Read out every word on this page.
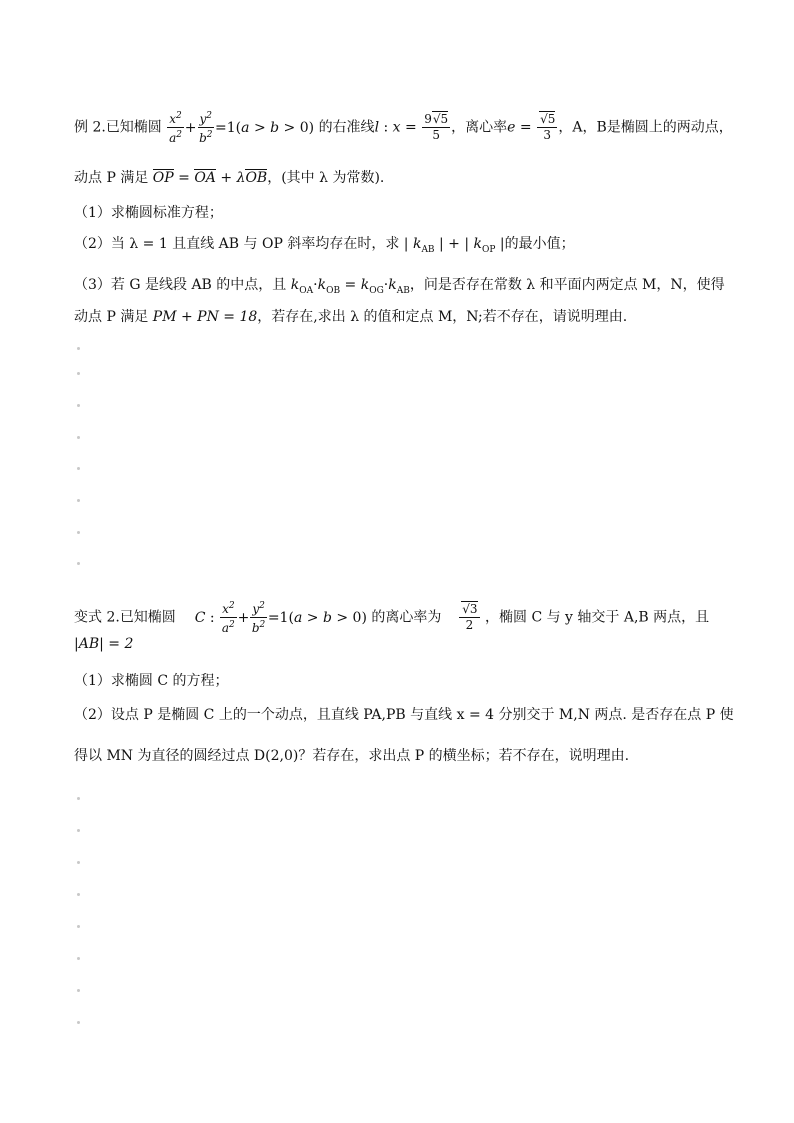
例 2.已知椭圆 $\frac{x^2}{a^2} + \frac{y^2}{b^2} =1(a > b > 0)$ 的右准线l : $x = \frac{9√5}{5}$ ，离心率$e = \frac{√5}{3}$ ，A，B是椭圆上的两动点，
动点 P 满足 OP = OA + λOB，(其中 λ 为常数).
（1）求椭圆标准方程；
（2）当 λ = 1 且直线 AB 与 OP 斜率均存在时，求 | $k_{AB}$ | + | $k_{OP}$ |的最小值；
（3）若 G 是线段 AB 的中点，且 $k_{OA}\cdot k_{OB} = k_{OG}\cdot k_{AB}$，问是否存在常数 λ 和平面内两定点 M，N，使得
动点 P 满足 PM + PN = 18，若存在,求出 λ 的值和定点 M，N;若不存在，请说明理由.
变式 2.已知椭圆 C : $\frac{x^2}{a^2} + \frac{y^2}{b^2} =1(a > b > 0)$ 的离心率为 $\frac{√3}{2}$ ，椭圆 C 与 y 轴交于 A,B 两点，且
|AB| = 2
（1）求椭圆 C 的方程；
（2）设点 P 是椭圆 C 上的一个动点，且直线 PA,PB 与直线 x = 4 分别交于 M,N 两点. 是否存在点 P 使
得以 MN 为直径的圆经过点 D(2,0)？若存在，求出点 P 的横坐标；若不存在，说明理由.
